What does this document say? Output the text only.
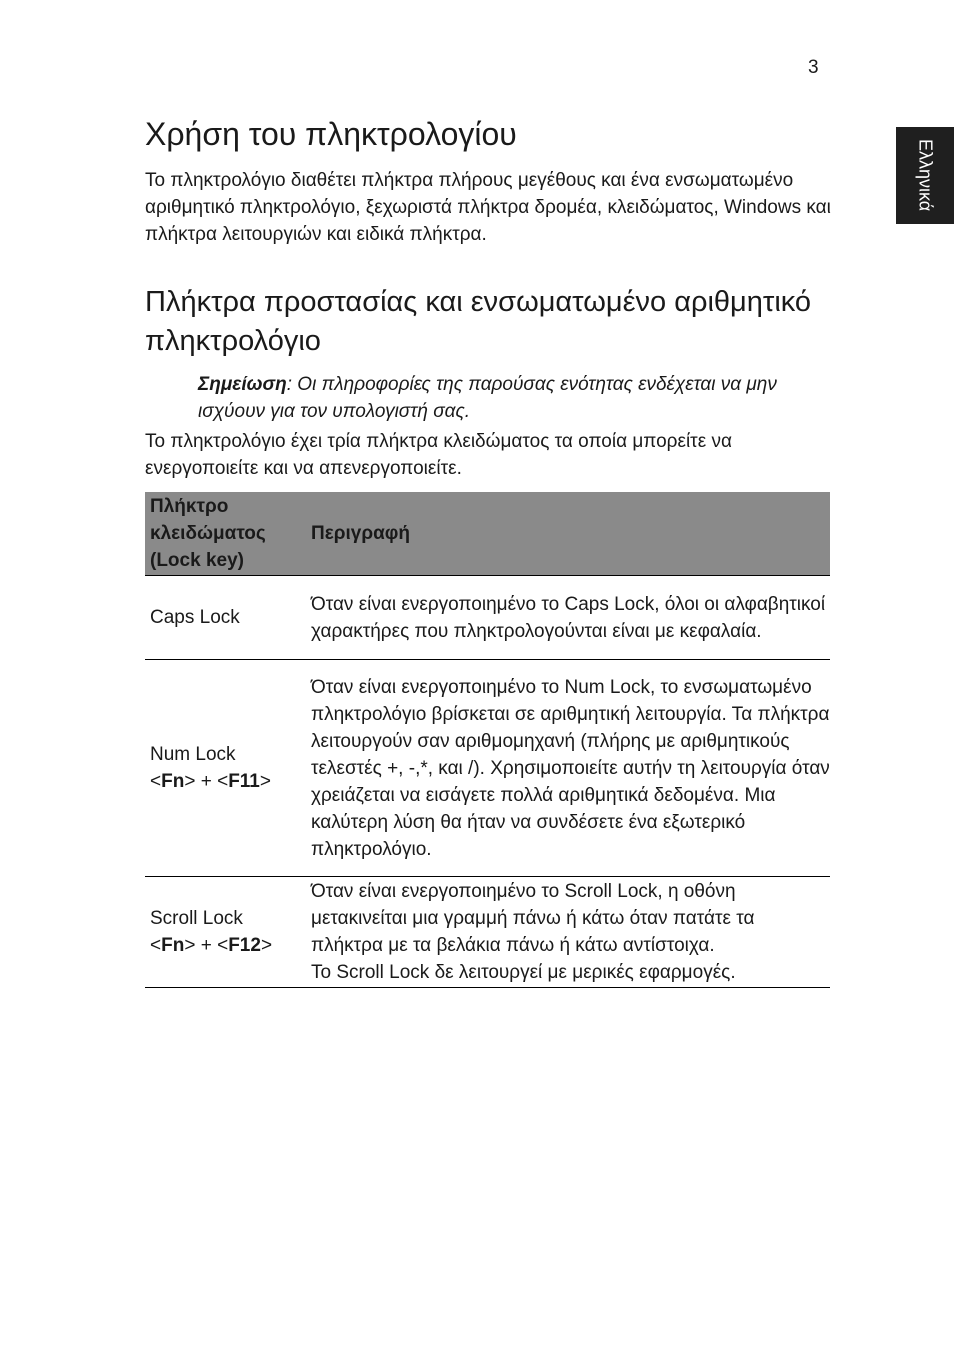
3
Ελληνικά
Χρήση του πληκτρολογίου

Το πληκτρολόγιο διαθέτει πλήκτρα πλήρους μεγέθους και ένα ενσωματωμένο αριθμητικό πληκτρολόγιο, ξεχωριστά πλήκτρα δρομέα, κλειδώματος, Windows και πλήκτρα λειτουργιών και ειδικά πλήκτρα.

Πλήκτρα προστασίας και ενσωματωμένο αριθμητικό πληκτρολόγιο

Σημείωση: Οι πληροφορίες της παρούσας ενότητας ενδέχεται να μην ισχύουν για τον υπολογιστή σας.

Το πληκτρολόγιο έχει τρία πλήκτρα κλειδώματος τα οποία μπορείτε να ενεργοποιείτε και να απενεργοποιείτε.

Πλήκτρο κλειδώματος (Lock key)	Περιγραφή
Caps Lock	Όταν είναι ενεργοποιημένο το Caps Lock, όλοι οι αλφαβητικοί χαρακτήρες που πληκτρολογούνται είναι με κεφαλαία.

Num Lock
<Fn> + <F11>	Όταν είναι ενεργοποιημένο το Num Lock, το ενσωματωμένο πληκτρολόγιο βρίσκεται σε αριθμητική λειτουργία. Τα πλήκτρα λειτουργούν σαν αριθμομηχανή (πλήρης με αριθμητικούς τελεστές +, -,*, και /). Χρησιμοποιείτε αυτήν τη λειτουργία όταν χρειάζεται να εισάγετε πολλά αριθμητικά δεδομένα. Μια καλύτερη λύση θα ήταν να συνδέσετε ένα εξωτερικό πληκτρολόγιο.

Scroll Lock
<Fn> + <F12>	Όταν είναι ενεργοποιημένο το Scroll Lock, η οθόνη μετακινείται μια γραμμή πάνω ή κάτω όταν πατάτε τα πλήκτρα με τα βελάκια πάνω ή κάτω αντίστοιχα.
Το Scroll Lock δε λειτουργεί με μερικές εφαρμογές.
